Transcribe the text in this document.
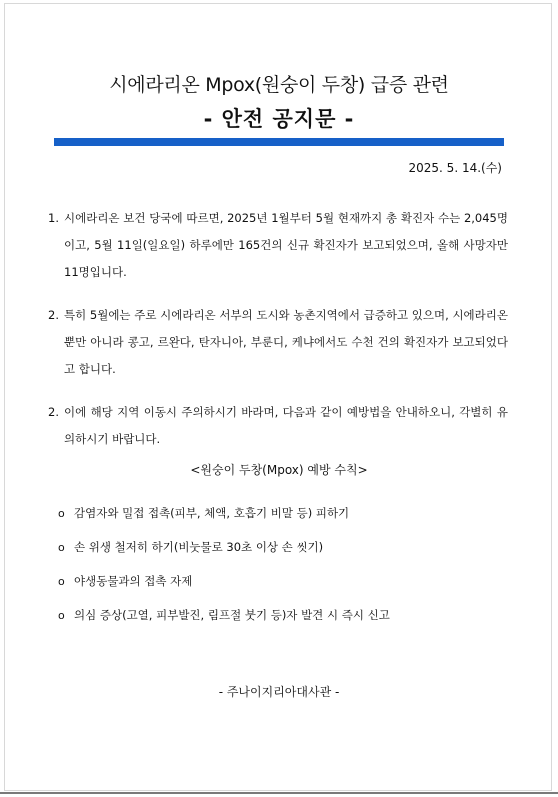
시에라리온 Mpox(원숭이 두창) 급증 관련
- 안전 공지문 -
2025. 5. 14.(수)
1. 시에라리온 보건 당국에 따르면, 2025년 1월부터 5월 현재까지 총 확진자 수는 2,045명이고, 5월 11일(일요일) 하루에만 165건의 신규 확진자가 보고되었으며, 올해 사망자만 11명입니다.
2. 특히 5월에는 주로 시에라리온 서부의 도시와 농촌지역에서 급증하고 있으며, 시에라리온 뿐만 아니라 콩고, 르완다, 탄자니아, 부룬디, 케냐에서도 수천 건의 확진자가 보고되었다고 합니다.
2. 이에 해당 지역 이동시 주의하시기 바라며, 다음과 같이 예방법을 안내하오니, 각별히 유의하시기 바랍니다.
<원숭이 두창(Mpox) 예방 수칙>
o 감염자와 밀접 접촉(피부, 체액, 호흡기 비말 등) 피하기
o 손 위생 철저히 하기(비눗물로 30초 이상 손 씻기)
o 야생동물과의 접촉 자제
o 의심 증상(고열, 피부발진, 림프절 붓기 등)자 발견 시 즉시 신고
- 주나이지리아대사관 -
